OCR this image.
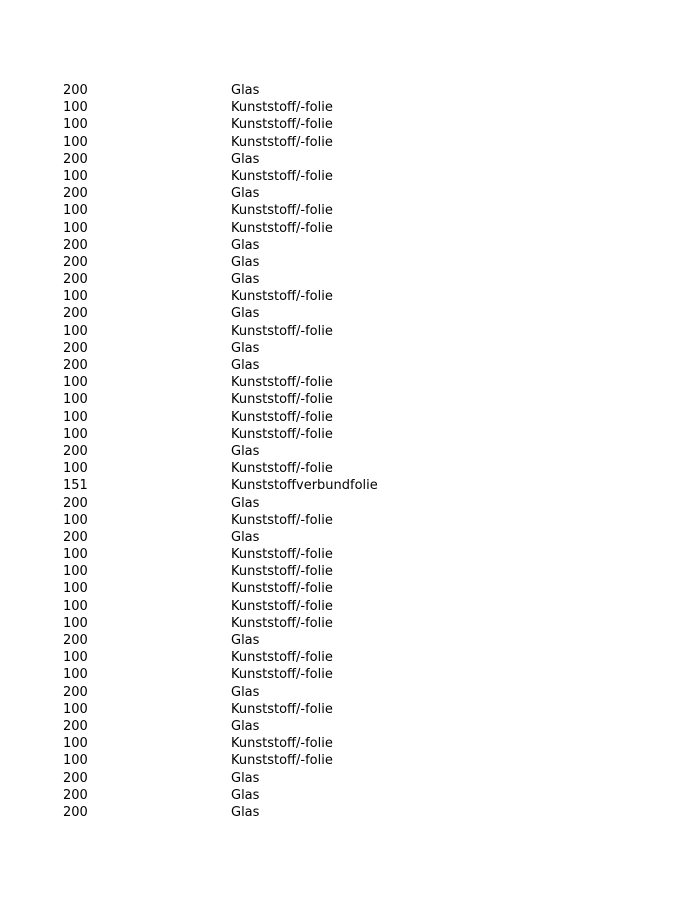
200	Glas
100	Kunststoff/-folie
100	Kunststoff/-folie
100	Kunststoff/-folie
200	Glas
100	Kunststoff/-folie
200	Glas
100	Kunststoff/-folie
100	Kunststoff/-folie
200	Glas
200	Glas
200	Glas
100	Kunststoff/-folie
200	Glas
100	Kunststoff/-folie
200	Glas
200	Glas
100	Kunststoff/-folie
100	Kunststoff/-folie
100	Kunststoff/-folie
100	Kunststoff/-folie
200	Glas
100	Kunststoff/-folie
151	Kunststoffverbundfolie
200	Glas
100	Kunststoff/-folie
200	Glas
100	Kunststoff/-folie
100	Kunststoff/-folie
100	Kunststoff/-folie
100	Kunststoff/-folie
100	Kunststoff/-folie
200	Glas
100	Kunststoff/-folie
100	Kunststoff/-folie
200	Glas
100	Kunststoff/-folie
200	Glas
100	Kunststoff/-folie
100	Kunststoff/-folie
200	Glas
200	Glas
200	Glas
